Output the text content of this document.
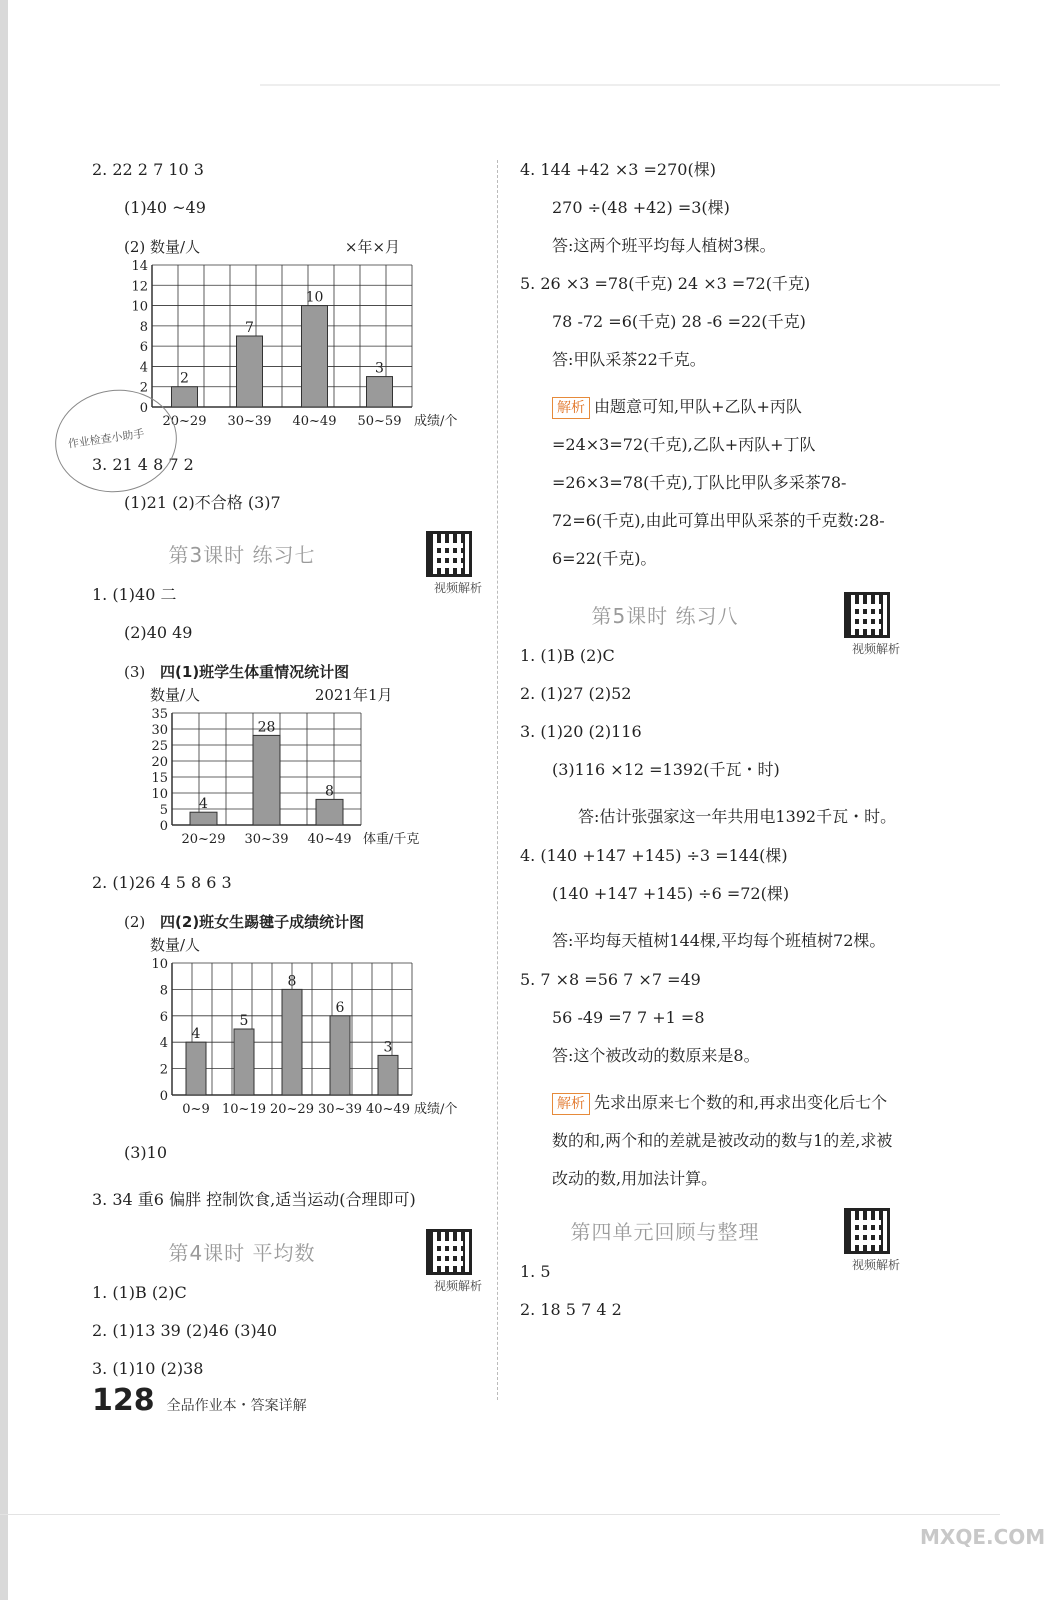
2. 22 2 7 10 3

(1)40 ~49

(2) 数量/人	×年×月
0
2
4
6
8
10
12
14
2
20~29
7
30~39
10
40~49
3
50~59 成绩/个

3. 21 4 8 7 2

(1)21 (2)不合格 (3)7

第3课时 练习七
视频解析

1. (1)40 二

(2)40 49

(3) 四(1)班学生体重情况统计图
数量/人	2021年1月
0
5
10
15
20
25
30
35
4
20~29
28
30~39
8
40~49 体重/千克

2. (1)26 4 5 8 6 3

(2) 四(2)班女生踢毽子成绩统计图
数量/人
0
2
4
6
8
10
4
0~9
5
10~19
8
20~29
6
30~39
3
40~49 成绩/个

(3)10

3. 34 重6 偏胖 控制饮食,适当运动(合理即可)

第4课时 平均数
视频解析

1. (1)B (2)C

2. (1)13 39 (2)46 (3)40

3. (1)10 (2)38

4. 144 +42 ×3 =270(棵)

270 ÷(48 +42) =3(棵)

答:这两个班平均每人植树3棵。

5. 26 ×3 =78(千克) 24 ×3 =72(千克)

78 -72 =6(千克) 28 -6 =22(千克)

答:甲队采茶22千克。

解析 由题意可知,甲队+乙队+丙队=24×3=72(千克),乙队+丙队+丁队=26×3=78(千克),丁队比甲队多采茶78-72=6(千克),由此可算出甲队采茶的千克数:28-6=22(千克)。

第5课时 练习八
视频解析

1. (1)B (2)C

2. (1)27 (2)52

3. (1)20 (2)116

(3)116 ×12 =1392(千瓦・时)

答:估计张强家这一年共用电1392千瓦・时。

4. (140 +147 +145) ÷3 =144(棵)

(140 +147 +145) ÷6 =72(棵)

答:平均每天植树144棵,平均每个班植树72棵。

5. 7 ×8 =56 7 ×7 =49

56 -49 =7 7 +1 =8

答:这个被改动的数原来是8。

解析 先求出原来七个数的和,再求出变化后七个数的和,两个和的差就是被改动的数与1的差,求被改动的数,用加法计算。

第四单元回顾与整理
视频解析

1. 5

2. 18 5 7 4 2

作业检查小助手
128 全品作业本・答案详解
MXQE.COM
